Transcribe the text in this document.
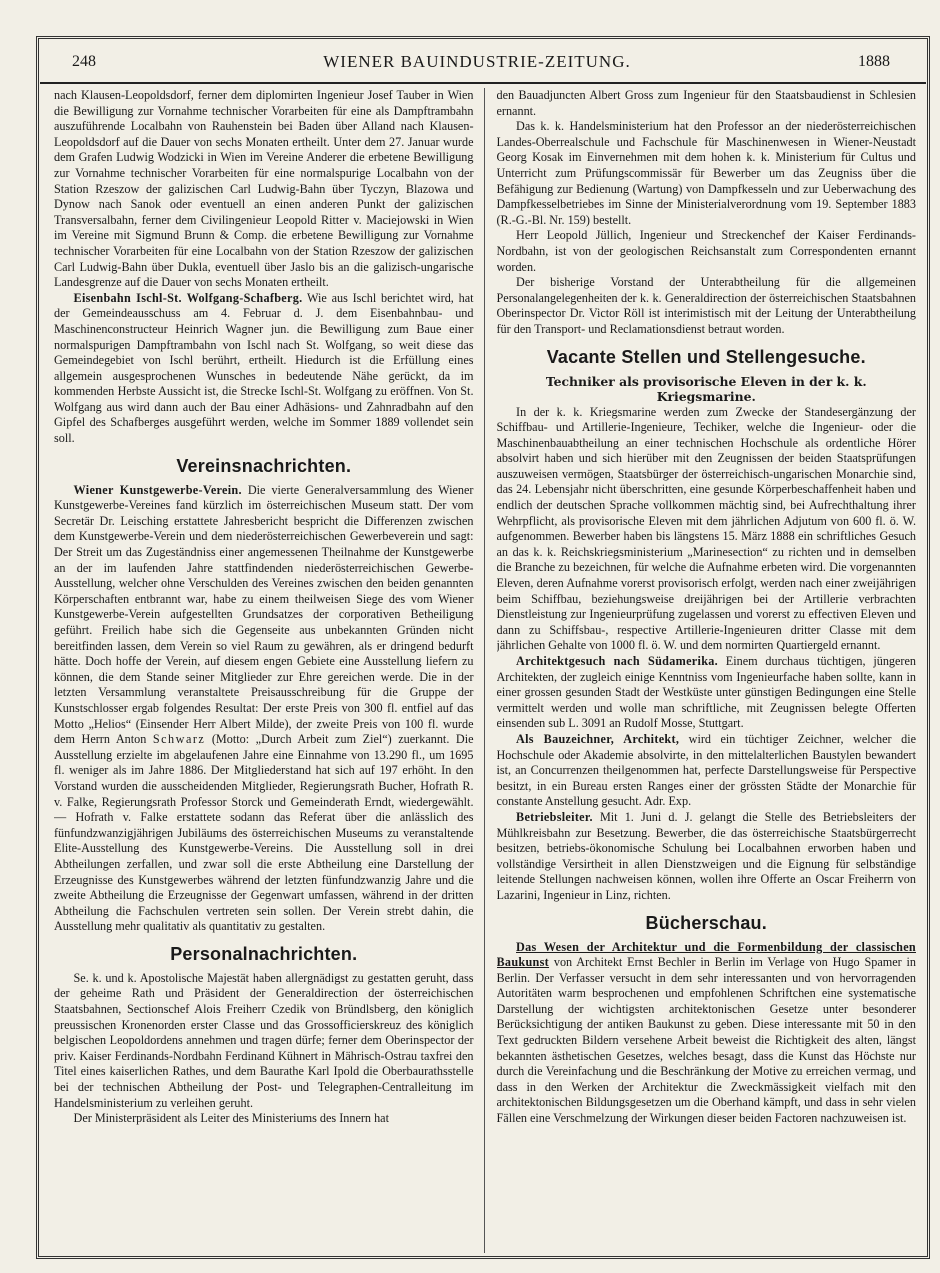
248	WIENER BAUINDUSTRIE-ZEITUNG.	1888

nach Klausen-Leopoldsdorf, ferner dem diplomirten Ingenieur Josef Tauber in Wien die Bewilligung zur Vornahme technischer Vorarbeiten für eine als Dampftrambahn auszuführende Localbahn von Rauhenstein bei Baden über Alland nach Klausen-Leopoldsdorf auf die Dauer von sechs Monaten ertheilt. Unter dem 27. Januar wurde dem Grafen Ludwig Wodzicki in Wien im Vereine Anderer die erbetene Bewilligung zur Vornahme technischer Vorarbeiten für eine normalspurige Localbahn von der Station Rzeszow der galizischen Carl Ludwig-Bahn über Tyczyn, Blazowa und Dynow nach Sanok oder eventuell an einen anderen Punkt der galizischen Transversalbahn, ferner dem Civilingenieur Leopold Ritter v. Maciejowski in Wien im Vereine mit Sigmund Brunn & Comp. die erbetene Bewilligung zur Vornahme technischer Vorarbeiten für eine Localbahn von der Station Rzeszow der galizischen Carl Ludwig-Bahn über Dukla, eventuell über Jaslo bis an die galizisch-ungarische Landesgrenze auf die Dauer von sechs Monaten ertheilt.

Eisenbahn Ischl-St. Wolfgang-Schafberg. Wie aus Ischl berichtet wird, hat der Gemeindeausschuss am 4. Februar d. J. dem Eisenbahnbau- und Maschinenconstructeur Heinrich Wagner jun. die Bewilligung zum Baue einer normalspurigen Dampftrambahn von Ischl nach St. Wolfgang, so weit diese das Gemeindegebiet von Ischl berührt, ertheilt. Hiedurch ist die Erfüllung eines allgemein ausgesprochenen Wunsches in bedeutende Nähe gerückt, da im kommenden Herbste Aussicht ist, die Strecke Ischl-St. Wolfgang zu eröffnen. Von St. Wolfgang aus wird dann auch der Bau einer Adhäsions- und Zahnradbahn auf den Gipfel des Schafberges ausgeführt werden, welche im Sommer 1889 vollendet sein soll.

Vereinsnachrichten.

Wiener Kunstgewerbe-Verein. Die vierte Generalversammlung des Wiener Kunstgewerbe-Vereines fand kürzlich im österreichischen Museum statt. Der vom Secretär Dr. Leisching erstattete Jahresbericht bespricht die Differenzen zwischen dem Kunstgewerbe-Verein und dem niederösterreichischen Gewerbeverein und sagt: Der Streit um das Zugeständniss einer angemessenen Theilnahme der Kunstgewerbe an der im laufenden Jahre stattfindenden niederösterreichischen Gewerbe-Ausstellung, welcher ohne Verschulden des Vereines zwischen den beiden genannten Körperschaften entbrannt war, habe zu einem theilweisen Siege des vom Wiener Kunstgewerbe-Verein aufgestellten Grundsatzes der corporativen Betheiligung geführt. Freilich habe sich die Gegenseite aus unbekannten Gründen nicht bereitfinden lassen, dem Verein so viel Raum zu gewähren, als er dringend bedurft hätte. Doch hoffe der Verein, auf diesem engen Gebiete eine Ausstellung liefern zu können, die dem Stande seiner Mitglieder zur Ehre gereichen werde. Die in der letzten Versammlung veranstaltete Preisausschreibung für die Gruppe der Kunstschlosser ergab folgendes Resultat: Der erste Preis von 300 fl. entfiel auf das Motto „Helios“ (Einsender Herr Albert Milde), der zweite Preis von 100 fl. wurde dem Herrn Anton Schwarz (Motto: „Durch Arbeit zum Ziel“) zuerkannt. Die Ausstellung erzielte im abgelaufenen Jahre eine Einnahme von 13.290 fl., um 1695 fl. weniger als im Jahre 1886. Der Mitgliederstand hat sich auf 197 erhöht. In den Vorstand wurden die ausscheidenden Mitglieder, Regierungsrath Bucher, Hofrath R. v. Falke, Regierungsrath Professor Storck und Gemeinderath Erndt, wiedergewählt. — Hofrath v. Falke erstattete sodann das Referat über die anlässlich des fünfundzwanzigjährigen Jubiläums des österreichischen Museums zu veranstaltende Elite-Ausstellung des Kunstgewerbe-Vereins. Die Ausstellung soll in drei Abtheilungen zerfallen, und zwar soll die erste Abtheilung eine Darstellung der Erzeugnisse des Kunstgewerbes während der letzten fünfundzwanzig Jahre und die zweite Abtheilung die Erzeugnisse der Gegenwart umfassen, während in der dritten Abtheilung die Fachschulen vertreten sein sollen. Der Verein strebt dahin, die Ausstellung mehr qualitativ als quantitativ zu gestalten.

Personalnachrichten.

Se. k. und k. Apostolische Majestät haben allergnädigst zu gestatten geruht, dass der geheime Rath und Präsident der Generaldirection der österreichischen Staatsbahnen, Sectionschef Alois Freiherr Czedik von Bründlsberg, den königlich preussischen Kronenorden erster Classe und das Grossofficierskreuz des königlich belgischen Leopoldordens annehmen und tragen dürfe; ferner dem Oberinspector der priv. Kaiser Ferdinands-Nordbahn Ferdinand Kühnert in Mährisch-Ostrau taxfrei den Titel eines kaiserlichen Rathes, und dem Baurathe Karl Ipold die Oberbaurathsstelle bei der technischen Abtheilung der Post- und Telegraphen-Centralleitung im Handelsministerium zu verleihen geruht.

Der Ministerpräsident als Leiter des Ministeriums des Innern hat

den Bauadjuncten Albert Gross zum Ingenieur für den Staatsbaudienst in Schlesien ernannt.

Das k. k. Handelsministerium hat den Professor an der niederösterreichischen Landes-Oberrealschule und Fachschule für Maschinenwesen in Wiener-Neustadt Georg Kosak im Einvernehmen mit dem hohen k. k. Ministerium für Cultus und Unterricht zum Prüfungscommissär für Bewerber um das Zeugniss über die Befähigung zur Bedienung (Wartung) von Dampfkesseln und zur Ueberwachung des Dampfkesselbetriebes im Sinne der Ministerialverordnung vom 19. September 1883 (R.-G.-Bl. Nr. 159) bestellt.

Herr Leopold Jüllich, Ingenieur und Streckenchef der Kaiser Ferdinands-Nordbahn, ist von der geologischen Reichsanstalt zum Correspondenten ernannt worden.

Der bisherige Vorstand der Unterabtheilung für die allgemeinen Personalangelegenheiten der k. k. Generaldirection der österreichischen Staatsbahnen Oberinspector Dr. Victor Röll ist interimistisch mit der Leitung der Unterabtheilung für den Transport- und Reclamationsdienst betraut worden.

Vacante Stellen und Stellengesuche.
Techniker als provisorische Eleven in der k. k. Kriegsmarine.

In der k. k. Kriegsmarine werden zum Zwecke der Standesergänzung der Schiffbau- und Artillerie-Ingenieure, Techiker, welche die Ingenieur- oder die Maschinenbauabtheilung an einer technischen Hochschule als ordentliche Hörer absolvirt haben und sich hierüber mit den Zeugnissen der beiden Staatsprüfungen auszuweisen vermögen, Staatsbürger der österreichisch-ungarischen Monarchie sind, das 24. Lebensjahr nicht überschritten, eine gesunde Körperbeschaffenheit haben und endlich der deutschen Sprache vollkommen mächtig sind, bei Aufrechthaltung ihrer Wehrpflicht, als provisorische Eleven mit dem jährlichen Adjutum von 600 fl. ö. W. aufgenommen. Bewerber haben bis längstens 15. März 1888 ein schriftliches Gesuch an das k. k. Reichskriegsministerium „Marinesection“ zu richten und in demselben die Branche zu bezeichnen, für welche die Aufnahme erbeten wird. Die vorgenannten Eleven, deren Aufnahme vorerst provisorisch erfolgt, werden nach einer zweijährigen beim Schiffbau, beziehungsweise dreijährigen bei der Artillerie verbrachten Dienstleistung zur Ingenieurprüfung zugelassen und vorerst zu effectiven Eleven und dann zu Schiffsbau-, respective Artillerie-Ingenieuren dritter Classe mit dem jährlichen Gehalte von 1000 fl. ö. W. und dem normirten Quartiergeld ernannt.

Architektgesuch nach Südamerika. Einem durchaus tüchtigen, jüngeren Architekten, der zugleich einige Kenntniss vom Ingenieurfache haben sollte, kann in einer grossen gesunden Stadt der Westküste unter günstigen Bedingungen eine Stelle vermittelt werden und wolle man schriftliche, mit Zeugnissen belegte Offerten einsenden sub L. 3091 an Rudolf Mosse, Stuttgart.

Als Bauzeichner, Architekt, wird ein tüchtiger Zeichner, welcher die Hochschule oder Akademie absolvirte, in den mittelalterlichen Baustylen bewandert ist, an Concurrenzen theilgenommen hat, perfecte Darstellungsweise für Perspective besitzt, in ein Bureau ersten Ranges einer der grössten Städte der Monarchie für constante Anstellung gesucht. Adr. Exp.

Betriebsleiter. Mit 1. Juni d. J. gelangt die Stelle des Betriebsleiters der Mühlkreisbahn zur Besetzung. Bewerber, die das österreichische Staatsbürgerrecht besitzen, betriebs-ökonomische Schulung bei Localbahnen erworben haben und vollständige Versirtheit in allen Dienstzweigen und die Eignung für selbständige leitende Stellungen nachweisen können, wollen ihre Offerte an Oscar Freiherrn von Lazarini, Ingenieur in Linz, richten.

Bücherschau.

Das Wesen der Architektur und die Formenbildung der classischen Baukunst von Architekt Ernst Bechler in Berlin im Verlage von Hugo Spamer in Berlin. Der Verfasser versucht in dem sehr interessanten und von hervorragenden Autoritäten warm besprochenen und empfohlenen Schriftchen eine systematische Darstellung der wichtigsten architektonischen Gesetze unter besonderer Berücksichtigung der antiken Baukunst zu geben. Diese interessante mit 50 in den Text gedruckten Bildern versehene Arbeit beweist die Richtigkeit des alten, längst bekannten ästhetischen Gesetzes, welches besagt, dass die Kunst das Höchste nur durch die Vereinfachung und die Beschränkung der Motive zu erreichen vermag, und dass in den Werken der Architektur die Zweckmässigkeit vielfach mit den architektonischen Bildungsgesetzen um die Oberhand kämpft, und dass in sehr vielen Fällen eine Verschmelzung der Wirkungen dieser beiden Factoren nachzuweisen ist.
